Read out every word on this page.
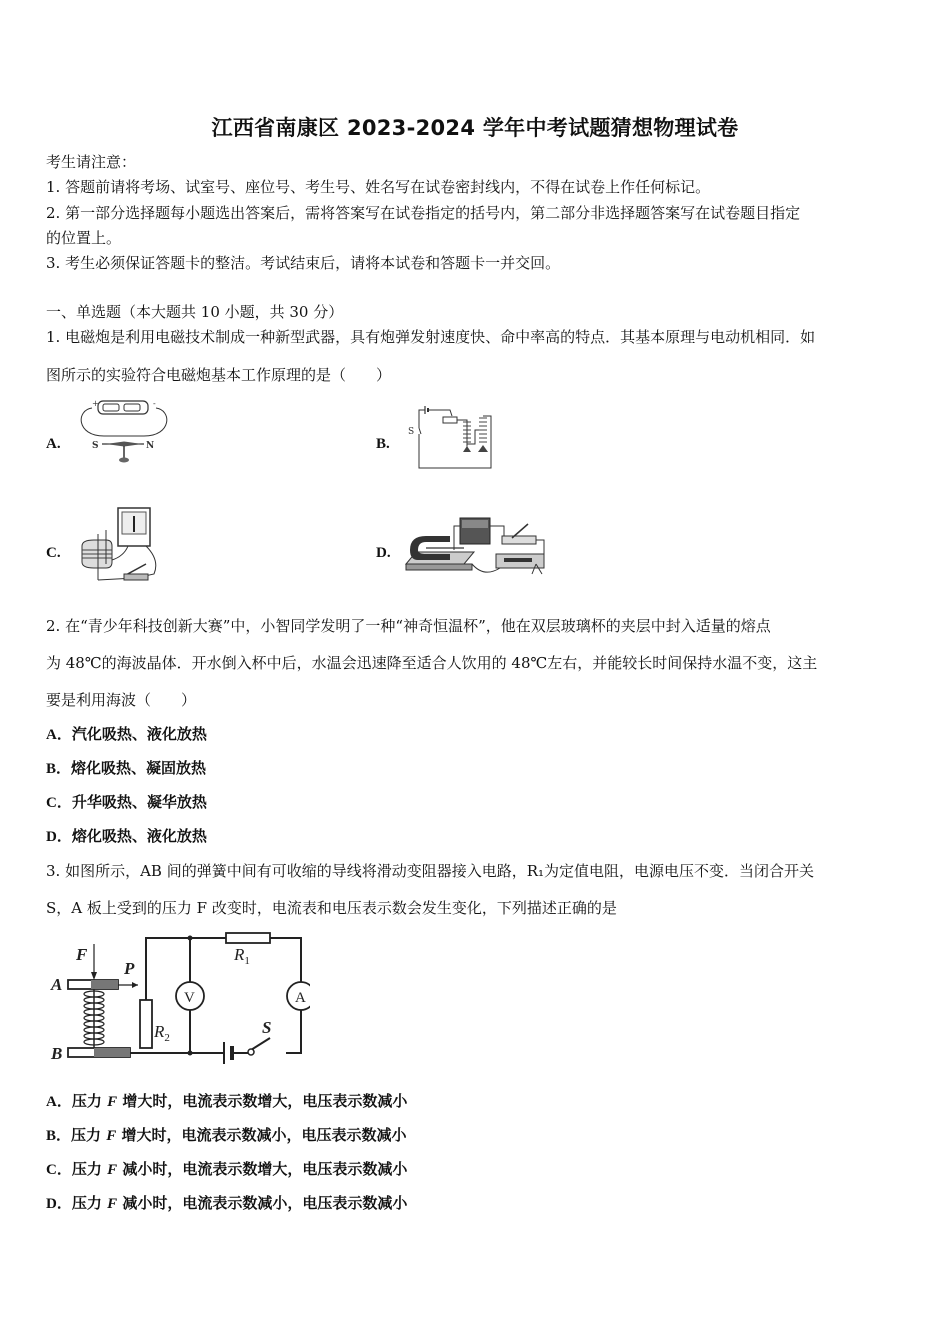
江西省南康区 2023-2024 学年中考试题猜想物理试卷
考生请注意：
1. 答题前请将考场、试室号、座位号、考生号、姓名写在试卷密封线内，不得在试卷上作任何标记。
2. 第一部分选择题每小题选出答案后，需将答案写在试卷指定的括号内，第二部分非选择题答案写在试卷题目指定
的位置上。
3. 考生必须保证答题卡的整洁。考试结束后，请将本试卷和答题卡一并交回。
一、单选题（本大题共 10 小题，共 30 分）
1. 电磁炮是利用电磁技术制成一种新型武器，具有炮弹发射速度快、命中率高的特点．其基本原理与电动机相同．如
图所示的实验符合电磁炮基本工作原理的是（　　）
A.
+	-
S	N	B.
S
C.	D.
2. 在“青少年科技创新大赛”中，小智同学发明了一种“神奇恒温杯”，他在双层玻璃杯的夹层中封入适量的熔点
为 48℃的海波晶体．开水倒入杯中后，水温会迅速降至适合人饮用的 48℃左右，并能较长时间保持水温不变，这主
要是利用海波（　　）
A．汽化吸热、液化放热
B．熔化吸热、凝固放热
C．升华吸热、凝华放热
D．熔化吸热、液化放热
3. 如图所示，AB 间的弹簧中间有可收缩的导线将滑动变阻器接入电路，R₁为定值电阻，电源电压不变．当闭合开关
S，A 板上受到的压力 F 改变时，电流表和电压表示数会发生变化，下列描述正确的是
$R_1$
V	A
$R_2$
P
A
F
B
S
A．压力 F 增大时，电流表示数增大，电压表示数减小
B．压力 F 增大时，电流表示数减小，电压表示数减小
C．压力 F 减小时，电流表示数增大，电压表示数减小
D．压力 F 减小时，电流表示数减小，电压表示数减小
